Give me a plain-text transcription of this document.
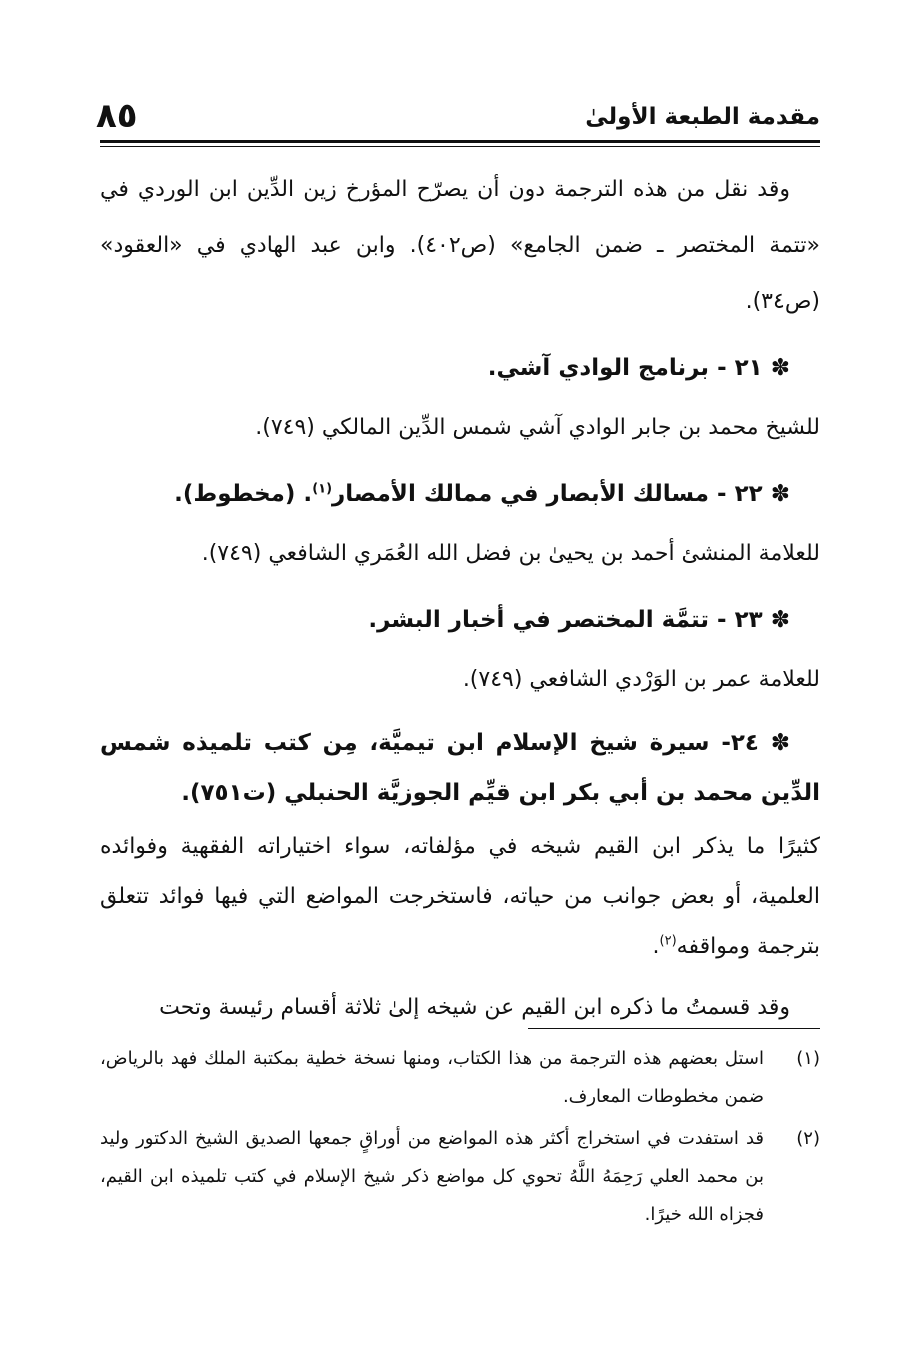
مقدمة الطبعة الأولىٰ
٨٥

وقد نقل من هذه الترجمة دون أن يصرّح المؤرخ زين الدِّين ابن الوردي في «تتمة المختصر ـ ضمن الجامع» (ص٤٠٢). وابن عبد الهادي في «العقود» (ص٣٤).

✽ ٢١ - برنامج الوادي آشي.

للشيخ محمد بن جابر الوادي آشي شمس الدِّين المالكي (٧٤٩).

✽ ٢٢ - مسالك الأبصار في ممالك الأمصار$^{(١)}$. (مخطوط).

للعلامة المنشئ أحمد بن يحيىٰ بن فضل الله العُمَري الشافعي (٧٤٩).

✽ ٢٣ - تتمَّة المختصر في أخبار البشر.

للعلامة عمر بن الوَرْدي الشافعي (٧٤٩).

✽ ٢٤- سيرة شيخ الإسلام ابن تيميَّة، مِن كتب تلميذه شمس الدِّين محمد بن أبي بكر ابن قيِّم الجوزيَّة الحنبلي (ت٧٥١).

كثيرًا ما يذكر ابن القيم شيخه في مؤلفاته، سواء اختياراته الفقهية وفوائده العلمية، أو بعض جوانب من حياته، فاستخرجت المواضع التي فيها فوائد تتعلق بترجمة ومواقفه$^{(٢)}$.

وقد قسمتُ ما ذكره ابن القيم عن شيخه إلىٰ ثلاثة أقسام رئيسة وتحت

(١)
استل بعضهم هذه الترجمة من هذا الكتاب، ومنها نسخة خطية بمكتبة الملك فهد بالرياض، ضمن مخطوطات المعارف.
(٢)
قد استفدت في استخراج أكثر هذه المواضع من أوراقٍ جمعها الصديق الشيخ الدكتور وليد بن محمد العلي رَحِمَهُ اللَّهُ تحوي كل مواضع ذكر شيخ الإسلام في كتب تلميذه ابن القيم، فجزاه الله خيرًا.
